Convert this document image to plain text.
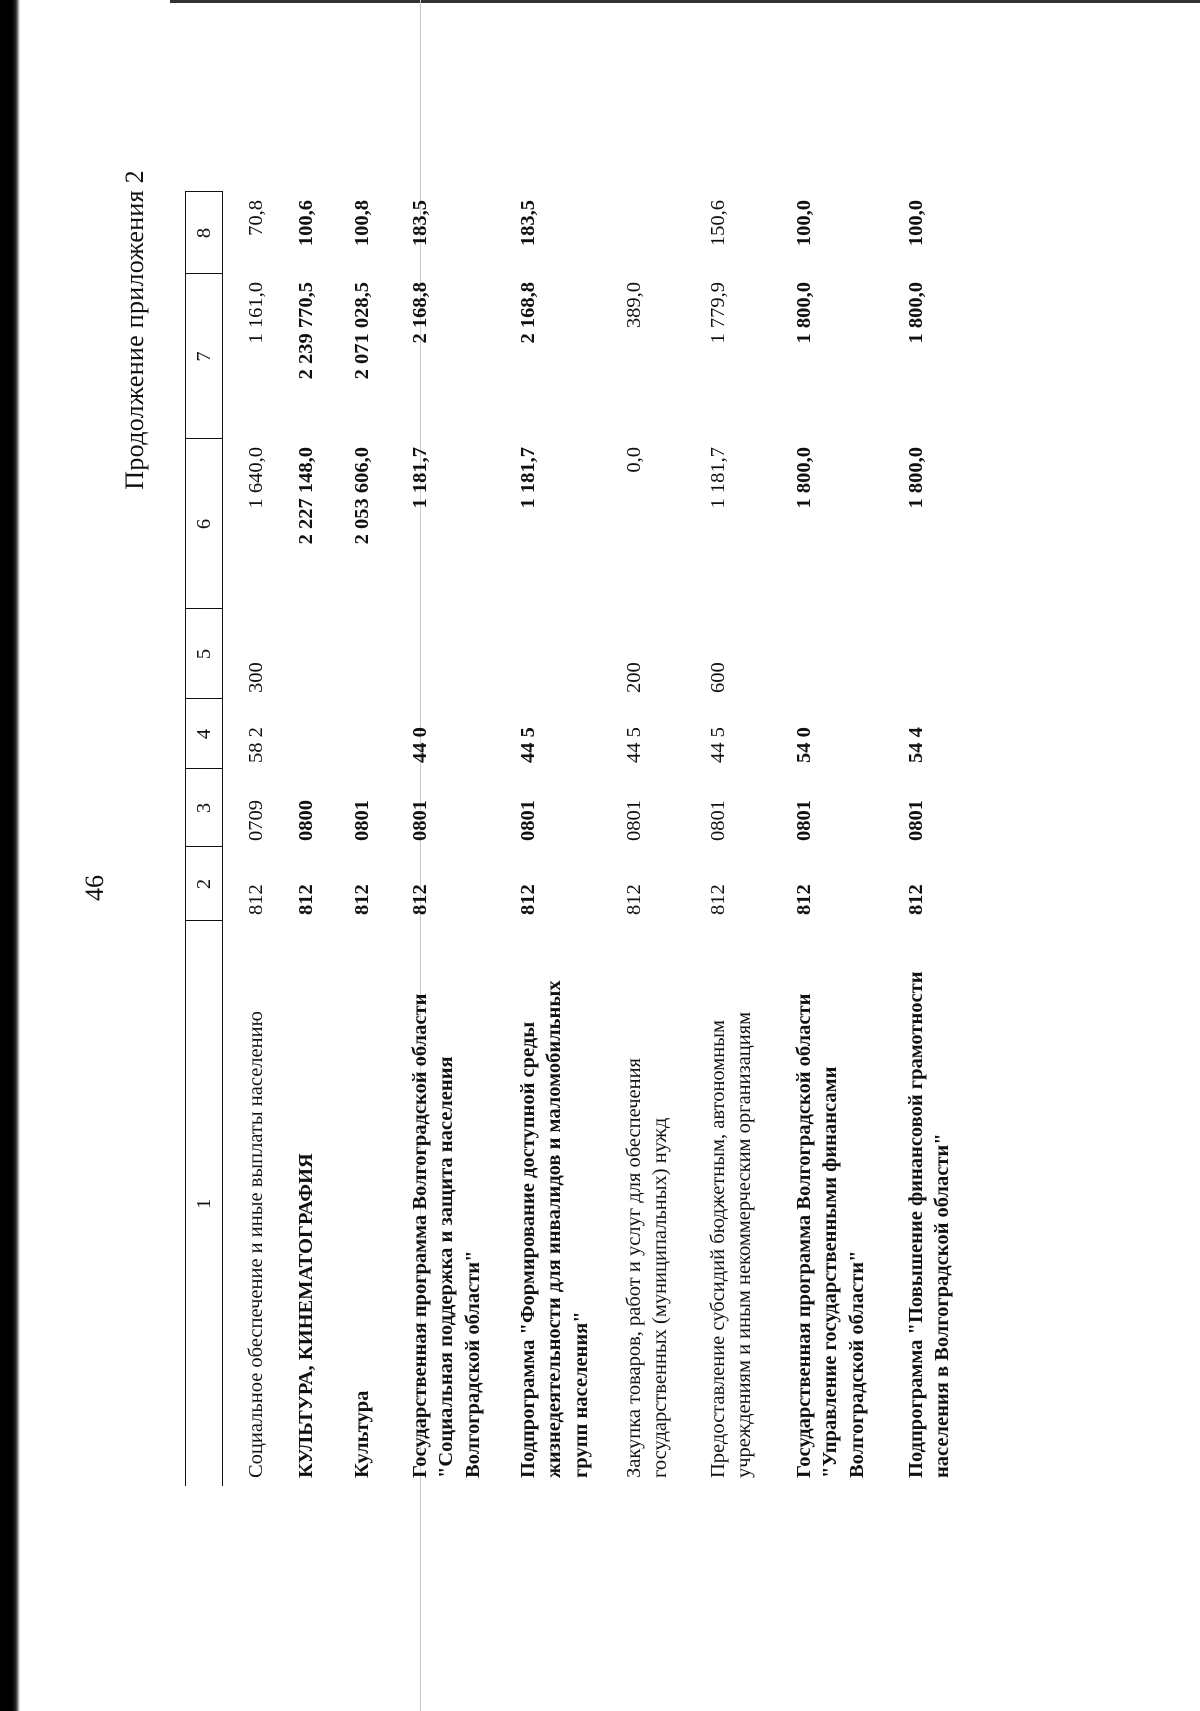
46
Продолжение приложения 2
1	2	3	4	5	6	7	8
Социальное обеспечение и иные выплаты населению	812	0709	58 2	300	1 640,0	1 161,0	70,8
КУЛЬТУРА, КИНЕМАТОГРАФИЯ	812	0800			2 227 148,0	2 239 770,5	100,6
Культура	812	0801			2 053 606,0	2 071 028,5	100,8
Государственная программа Волгоградской области "Социальная поддержка и защита населения Волгоградской области"	812	0801	44 0		1 181,7	2 168,8	183,5
Подпрограмма "Формирование доступной среды жизнедеятельности для инвалидов и маломобильных групп населения"	812	0801	44 5		1 181,7	2 168,8	183,5
Закупка товаров, работ и услуг для обеспечения государственных (муниципальных) нужд	812	0801	44 5	200	0,0	389,0	
Предоставление субсидий бюджетным, автономным учреждениям и иным некоммерческим организациям	812	0801	44 5	600	1 181,7	1 779,9	150,6
Государственная программа Волгоградской области "Управление государственными финансами Волгоградской области"	812	0801	54 0		1 800,0	1 800,0	100,0
Подпрограмма "Повышение финансовой грамотности населения в Волгоградской области"	812	0801	54 4		1 800,0	1 800,0	100,0
